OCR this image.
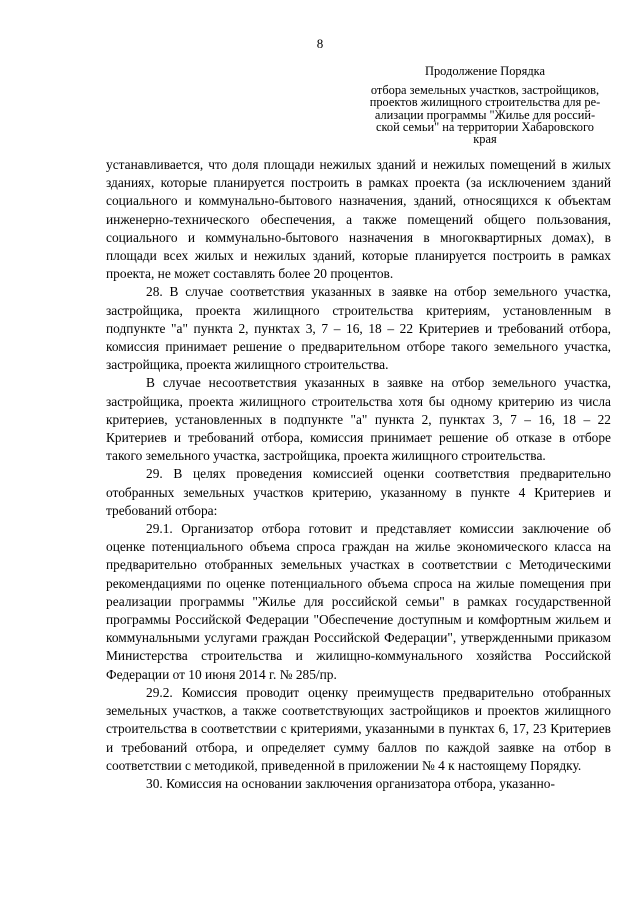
8
Продолжение Порядка
отбора земельных участков, застройщиков,
проектов жилищного строительства для ре-
ализации программы "Жилье для россий-
ской семьи" на территории Хабаровского
края

устанавливается, что доля площади нежилых зданий и нежилых помещений в жилых зданиях, которые планируется построить в рамках проекта (за исключением зданий социального и коммунально-бытового назначения, зданий, относящихся к объектам инженерно-технического обеспечения, а также помещений общего пользования, социального и коммунально-бытового назначения в многоквартирных домах), в площади всех жилых и нежилых зданий, которые планируется построить в рамках проекта, не может составлять более 20 процентов.

28. В случае соответствия указанных в заявке на отбор земельного участка, застройщика, проекта жилищного строительства критериям, установленным в подпункте "а" пункта 2, пунктах 3, 7 – 16, 18 – 22 Критериев и требований отбора, комиссия принимает решение о предварительном отборе такого земельного участка, застройщика, проекта жилищного строительства.

В случае несоответствия указанных в заявке на отбор земельного участка, застройщика, проекта жилищного строительства хотя бы одному критерию из числа критериев, установленных в подпункте "а" пункта 2, пунктах 3, 7 – 16, 18 – 22 Критериев и требований отбора, комиссия принимает решение об отказе в отборе такого земельного участка, застройщика, проекта жилищного строительства.

29. В целях проведения комиссией оценки соответствия предварительно отобранных земельных участков критерию, указанному в пункте 4 Критериев и требований отбора:

29.1. Организатор отбора готовит и представляет комиссии заключение об оценке потенциального объема спроса граждан на жилье экономического класса на предварительно отобранных земельных участках в соответствии с Методическими рекомендациями по оценке потенциального объема спроса на жилые помещения при реализации программы "Жилье для российской семьи" в рамках государственной программы Российской Федерации "Обеспечение доступным и комфортным жильем и коммунальными услугами граждан Российской Федерации", утвержденными приказом Министерства строительства и жилищно-коммунального хозяйства Российской Федерации от 10 июня 2014 г. № 285/пр.

29.2. Комиссия проводит оценку преимуществ предварительно отобранных земельных участков, а также соответствующих застройщиков и проектов жилищного строительства в соответствии с критериями, указанными в пунктах 6, 17, 23 Критериев и требований отбора, и определяет сумму баллов по каждой заявке на отбор в соответствии с методикой, приведенной в приложении № 4 к настоящему Порядку.

30. Комиссия на основании заключения организатора отбора, указанно-
